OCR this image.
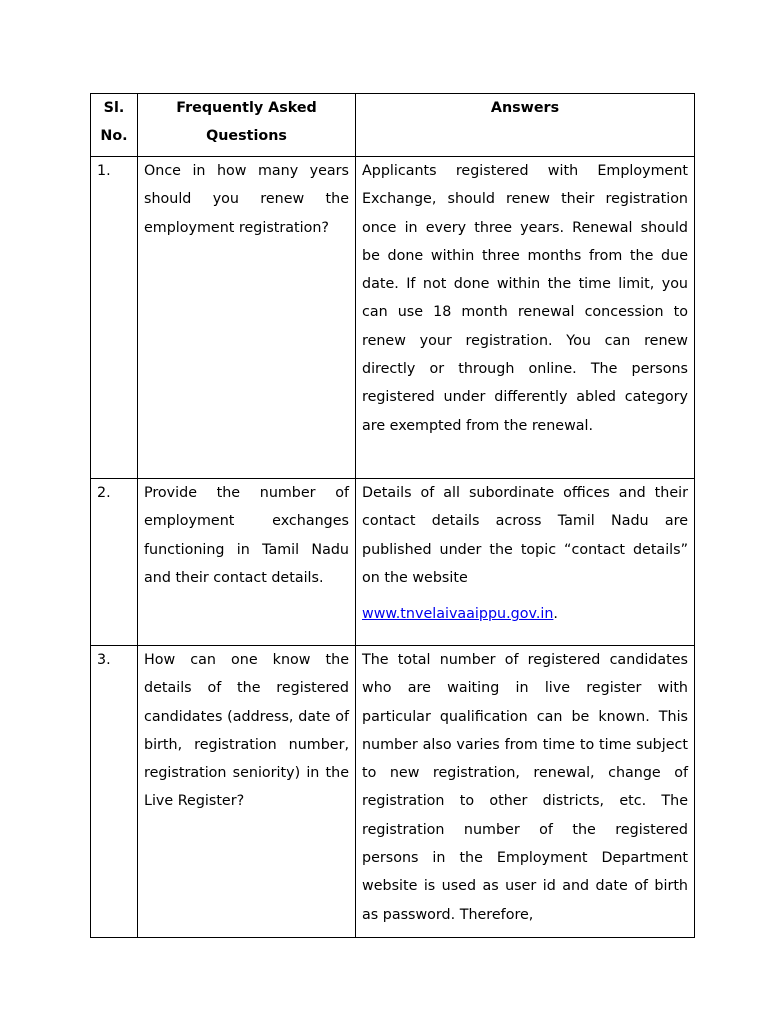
Sl. No.	Frequently Asked Questions	Answers
1.	Once in how many years should you renew the employment registration?	Applicants registered with Employment Exchange, should renew their registration once in every three years. Renewal should be done within three months from the due date. If not done within the time limit, you can use 18 month renewal concession to renew your registration. You can renew directly or through online. The persons registered under differently abled category are exempted from the renewal.

2.	Provide the number of employment exchanges functioning in Tamil Nadu and their contact details.	Details of all subordinate offices and their contact details across Tamil Nadu are published under the topic “contact details” on the website
www.tnvelaivaaippu.gov.in.

3.	How can one know the details of the registered candidates (address, date of birth, registration number, registration seniority) in the Live Register?	The total number of registered candidates who are waiting in live register with particular qualification can be known. This number also varies from time to time subject to new registration, renewal, change of registration to other districts, etc. The registration number of the registered persons in the Employment Department website is used as user id and date of birth as password. Therefore,
